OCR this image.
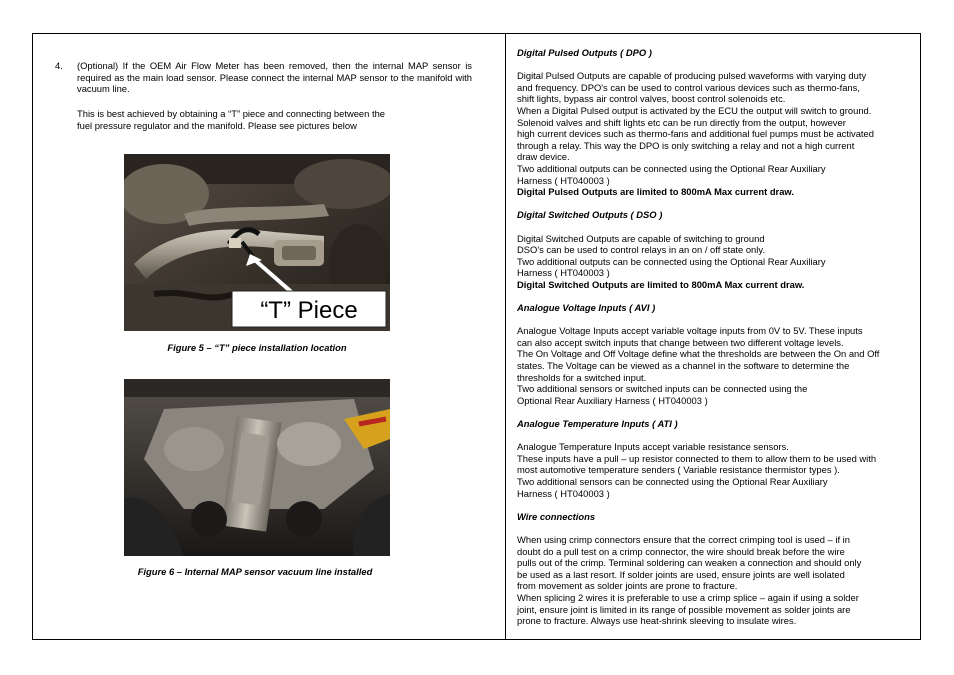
4. (Optional) If the OEM Air Flow Meter has been removed, then the internal MAP sensor is required as the main load sensor. Please connect the internal MAP sensor to the manifold with vacuum line.
This is best achieved by obtaining a “T” piece and connecting between the
fuel pressure regulator and the manifold. Please see pictures below
“T” Piece
Figure 5 – “T” piece installation location
Figure 6 – Internal MAP sensor vacuum line installed
Digital Pulsed Outputs ( DPO )
Digital Pulsed Outputs are capable of producing pulsed waveforms with varying duty
and frequency. DPO's can be used to control various devices such as thermo-fans,
shift lights, bypass air control valves, boost control solenoids etc.
When a Digital Pulsed output is activated by the ECU the output will switch to ground.
Solenoid valves and shift lights etc can be run directly from the output, however
high current devices such as thermo-fans and additional fuel pumps must be activated
through a relay. This way the DPO is only switching a relay and not a high current
draw device.
Two additional outputs can be connected using the Optional Rear Auxiliary
Harness ( HT040003 )
Digital Pulsed Outputs are limited to 800mA Max current draw.
Digital Switched Outputs ( DSO )
Digital Switched Outputs are capable of switching to ground
DSO's can be used to control relays in an on / off state only.
Two additional outputs can be connected using the Optional Rear Auxiliary
Harness ( HT040003 )
Digital Switched Outputs are limited to 800mA Max current draw.
Analogue Voltage Inputs ( AVI )
Analogue Voltage Inputs accept variable voltage inputs from 0V to 5V. These inputs
can also accept switch inputs that change between two different voltage levels.
The On Voltage and Off Voltage define what the thresholds are between the On and Off
states. The Voltage can be viewed as a channel in the software to determine the
thresholds for a switched input.
Two additional sensors or switched inputs can be connected using the
Optional Rear Auxiliary Harness ( HT040003 )
Analogue Temperature Inputs ( ATI )
Analogue Temperature Inputs accept variable resistance sensors.
These inputs have a pull – up resistor connected to them to allow them to be used with
most automotive temperature senders ( Variable resistance thermistor types ).
Two additional sensors can be connected using the Optional Rear Auxiliary
Harness ( HT040003 )
Wire connections
When using crimp connectors ensure that the correct crimping tool is used – if in
doubt do a pull test on a crimp connector, the wire should break before the wire
pulls out of the crimp. Terminal soldering can weaken a connection and should only
be used as a last resort. If solder joints are used, ensure joints are well isolated
from movement as solder joints are prone to fracture.
When splicing 2 wires it is preferable to use a crimp splice – again if using a solder
joint, ensure joint is limited in its range of possible movement as solder joints are
prone to fracture. Always use heat-shrink sleeving to insulate wires.
